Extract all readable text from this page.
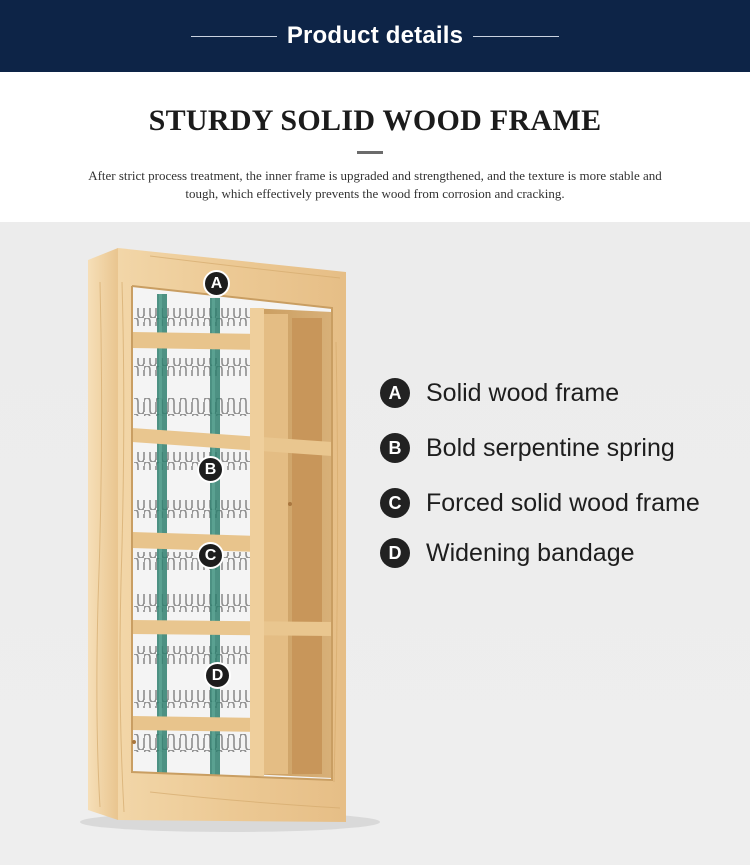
Product details
STURDY SOLID WOOD FRAME
After strict process treatment, the inner frame is upgraded and strengthened, and the texture is more stable and tough, which effectively prevents the wood from corrosion and cracking.
A
B
C
D
A Solid wood frame
B Bold serpentine spring
C Forced solid wood frame
D Widening bandage
